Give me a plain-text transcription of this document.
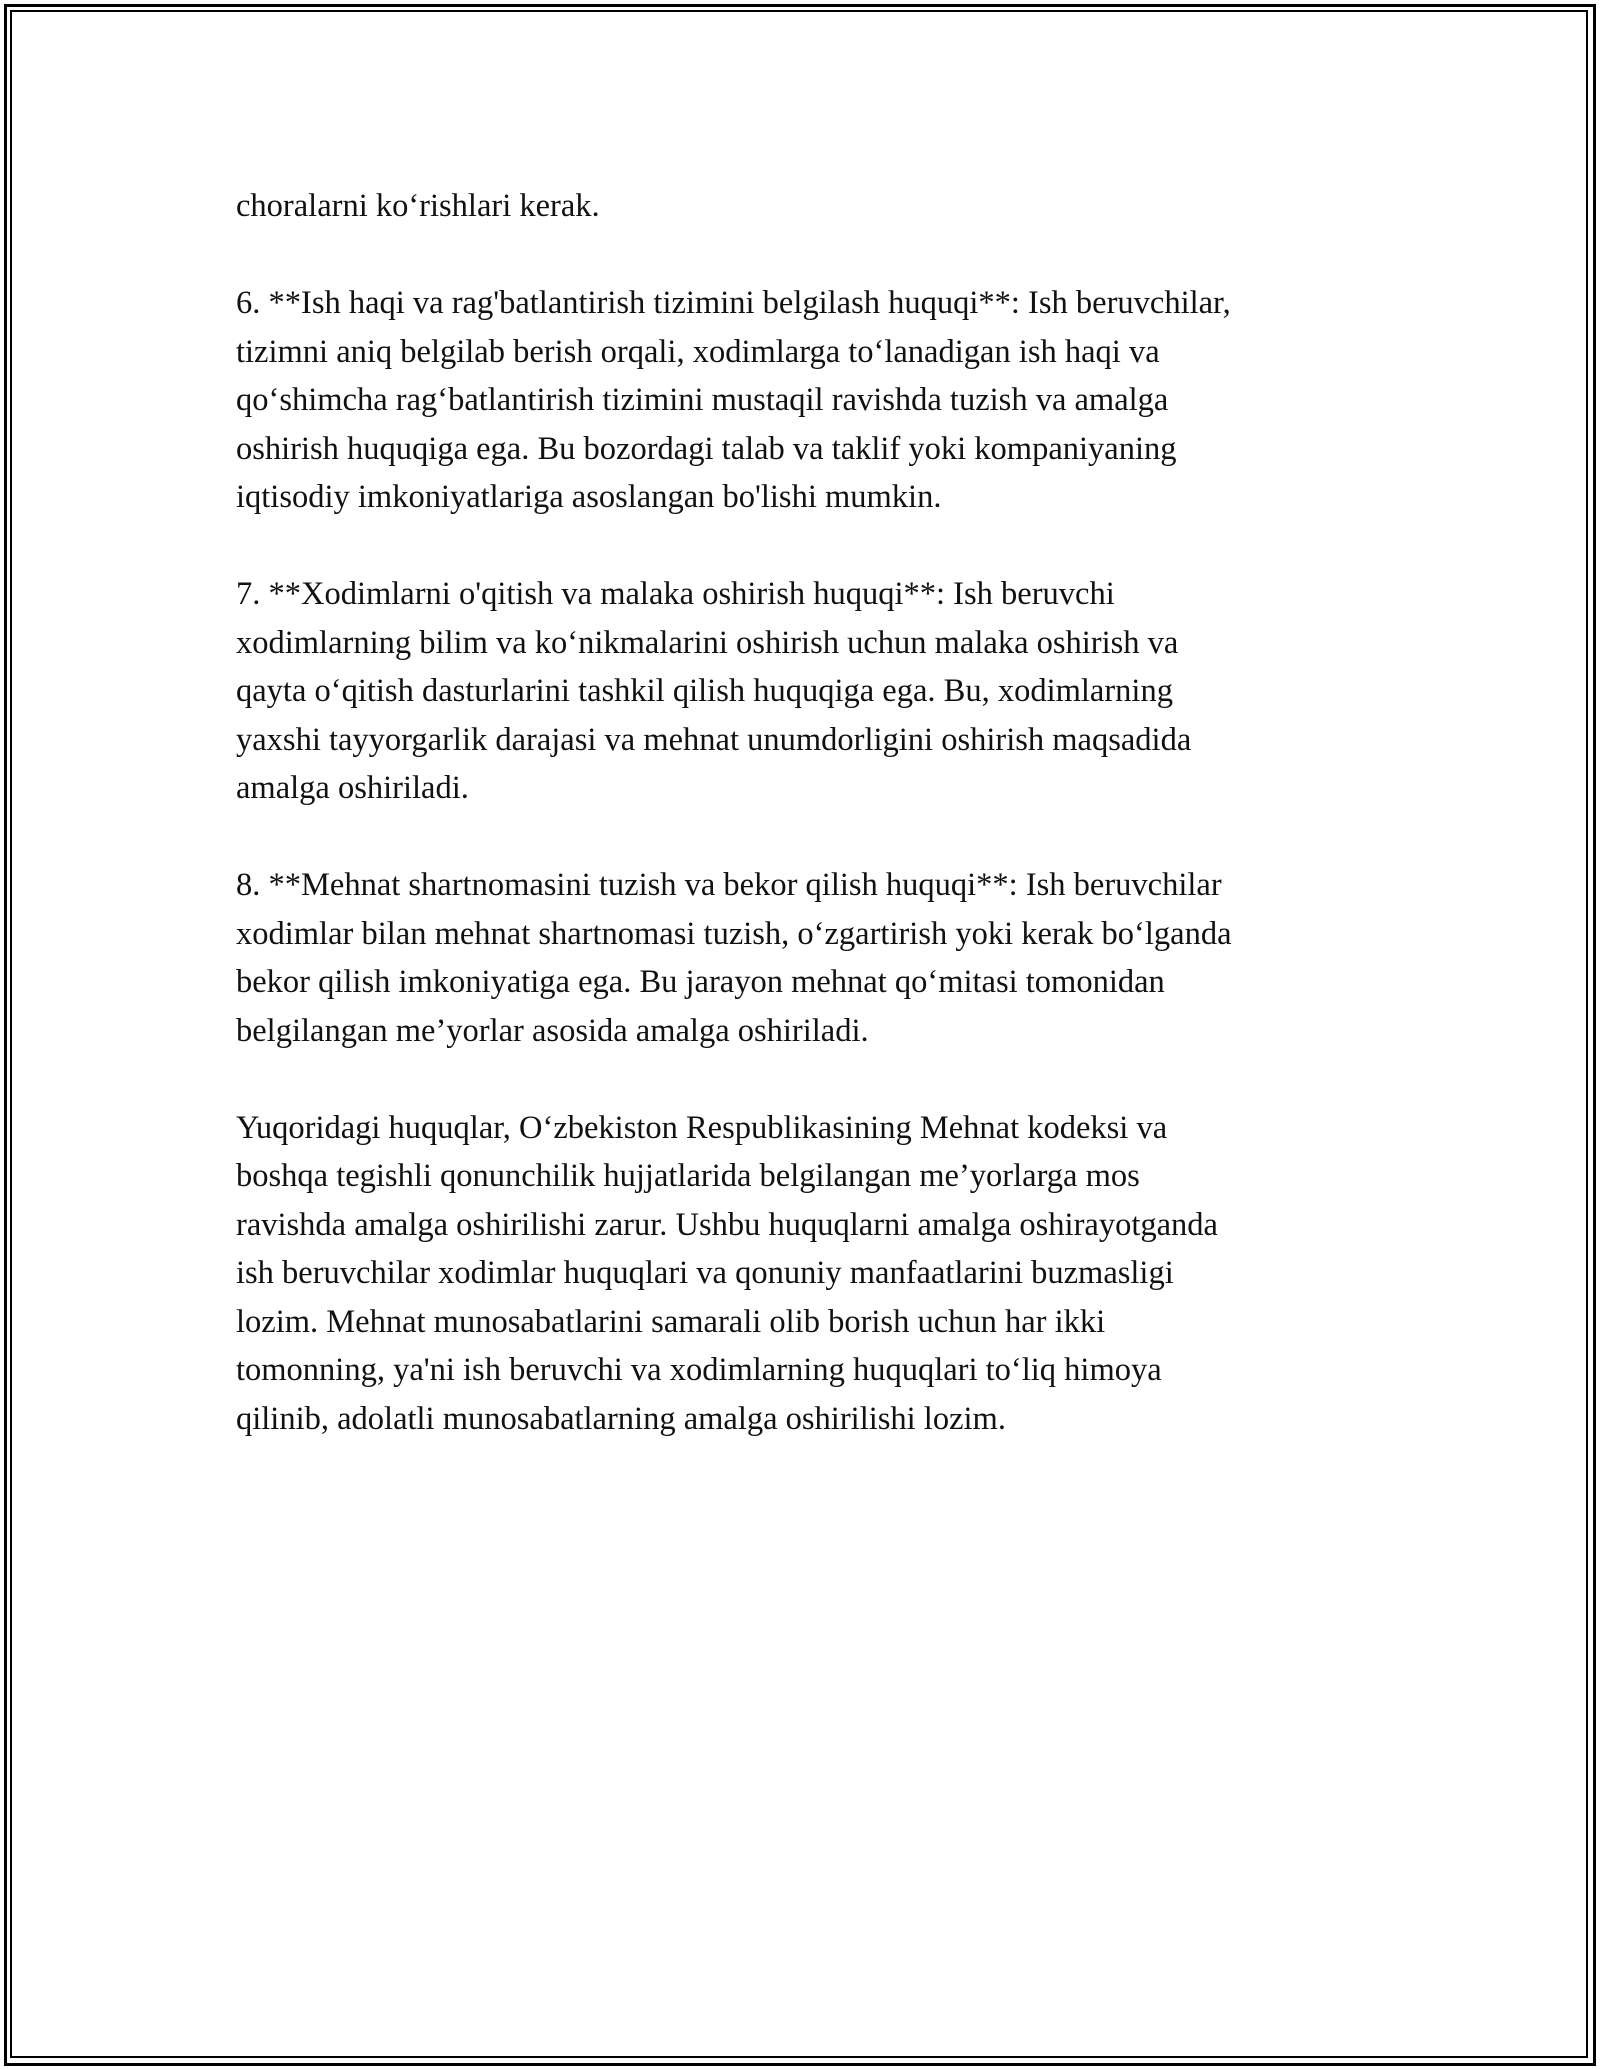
choralarni koʻrishlari kerak.

6. **Ish haqi va rag'batlantirish tizimini belgilash huquqi**: Ish beruvchilar,
tizimni aniq belgilab berish orqali, xodimlarga toʻlanadigan ish haqi va
qoʻshimcha ragʻbatlantirish tizimini mustaqil ravishda tuzish va amalga
oshirish huquqiga ega. Bu bozordagi talab va taklif yoki kompaniyaning
iqtisodiy imkoniyatlariga asoslangan bo'lishi mumkin.

7. **Xodimlarni o'qitish va malaka oshirish huquqi**: Ish beruvchi
xodimlarning bilim va koʻnikmalarini oshirish uchun malaka oshirish va
qayta oʻqitish dasturlarini tashkil qilish huquqiga ega. Bu, xodimlarning
yaxshi tayyorgarlik darajasi va mehnat unumdorligini oshirish maqsadida
amalga oshiriladi.

8. **Mehnat shartnomasini tuzish va bekor qilish huquqi**: Ish beruvchilar
xodimlar bilan mehnat shartnomasi tuzish, oʻzgartirish yoki kerak boʻlganda
bekor qilish imkoniyatiga ega. Bu jarayon mehnat qoʻmitasi tomonidan
belgilangan me’yorlar asosida amalga oshiriladi.

Yuqoridagi huquqlar, Oʻzbekiston Respublikasining Mehnat kodeksi va
boshqa tegishli qonunchilik hujjatlarida belgilangan me’yorlarga mos
ravishda amalga oshirilishi zarur. Ushbu huquqlarni amalga oshirayotganda
ish beruvchilar xodimlar huquqlari va qonuniy manfaatlarini buzmasligi
lozim. Mehnat munosabatlarini samarali olib borish uchun har ikki
tomonning, ya'ni ish beruvchi va xodimlarning huquqlari toʻliq himoya
qilinib, adolatli munosabatlarning amalga oshirilishi lozim.
